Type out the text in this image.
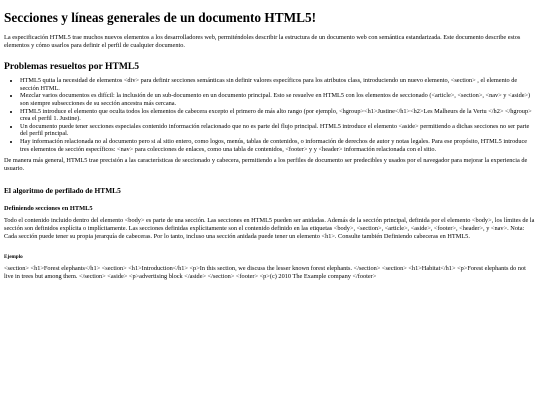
Secciones y líneas generales de un documento HTML5!

La especificación HTML5 trae muchos nuevos elementos a los desarrolladores web, permiténdoles describir la estructura de un documento web con semántica estandarizada. Este documento describe estos elementos y cómo usarlos para definir el perfil de cualquier documento.

Problemas resueltos por HTML5
• HTML5 quita la necesidad de elementos <div> para definir secciones semánticas sin definir valores específicos para los atributos class, introduciendo un nuevo elemento, <section> , el elemento de sección HTML.
• Mezclar varios documentos es difícil: la inclusión de un sub-documento en un documento principal. Esto se resuelve en HTML5 con los elementos de seccionado (<article>, <section>, <nav> y <aside>) son siempre subsecciones de su sección ancestra más cercana.
• HTML5 introduce el elemento que oculta todos los elementos de cabecera excepto el primero de más alto rango (por ejemplo, <hgroup><h1>Justine</h1><h2>Les Malheurs de la Vertu </h2> </hgroup> crea el perfil 1. Justine).
• Un documento puede tener secciones especiales contenido información relacionado que no es parte del flujo principal. HTML5 introduce el elemento <aside> permitiendo a dichas secciones no ser parte del perfil principal.
• Hay información relacionada no al documento pero si al sitio entero, como logos, menús, tablas de contenidos, o información de derechos de autor y notas legales. Para ese propósito, HTML5 introduce tres elementos de sección específicos: <nav> para colecciones de enlaces, como una tabla de contenidos, <footer> y y <header> información relacionada con el sitio.

De manera más general, HTML5 trae precisión a las características de seccionado y cabecera, permitiendo a los perfiles de documento ser predecibles y usados por el navegador para mejorar la experiencia de usuario.

El algoritmo de perfilado de HTML5
Definiendo secciones en HTML5

Todo el contenido incluido dentro del elemento <body> es parte de una sección. Las secciones en HTML5 pueden ser anidadas. Además de la sección principal, definida por el elemento <body>, los límites de la sección son definidos explícita o implícitamente. Las secciones definidas explícitamente son el contenido definido en las etiquetas <body>, <section>, <article>, <aside>, <footer>, <header>, y <nav>. Nota: Cada sección puede tener su propia jerarquía de cabeceras. Por lo tanto, incluso una sección anidada puede tener un elemento <h1>. Consulte también Definiendo cabeceras en HTML5.

Ejemplo

<section> <h1>Forest elephants</h1> <section> <h1>Introduction</h1> <p>In this section, we discuss the lesser known forest elephants. </section> <section> <h1>Habitat</h1> <p>Forest elephants do not live in trees but among them. </section> <aside> <p>advertising block </aside> </section> <footer> <p>(c) 2010 The Example company </footer>
